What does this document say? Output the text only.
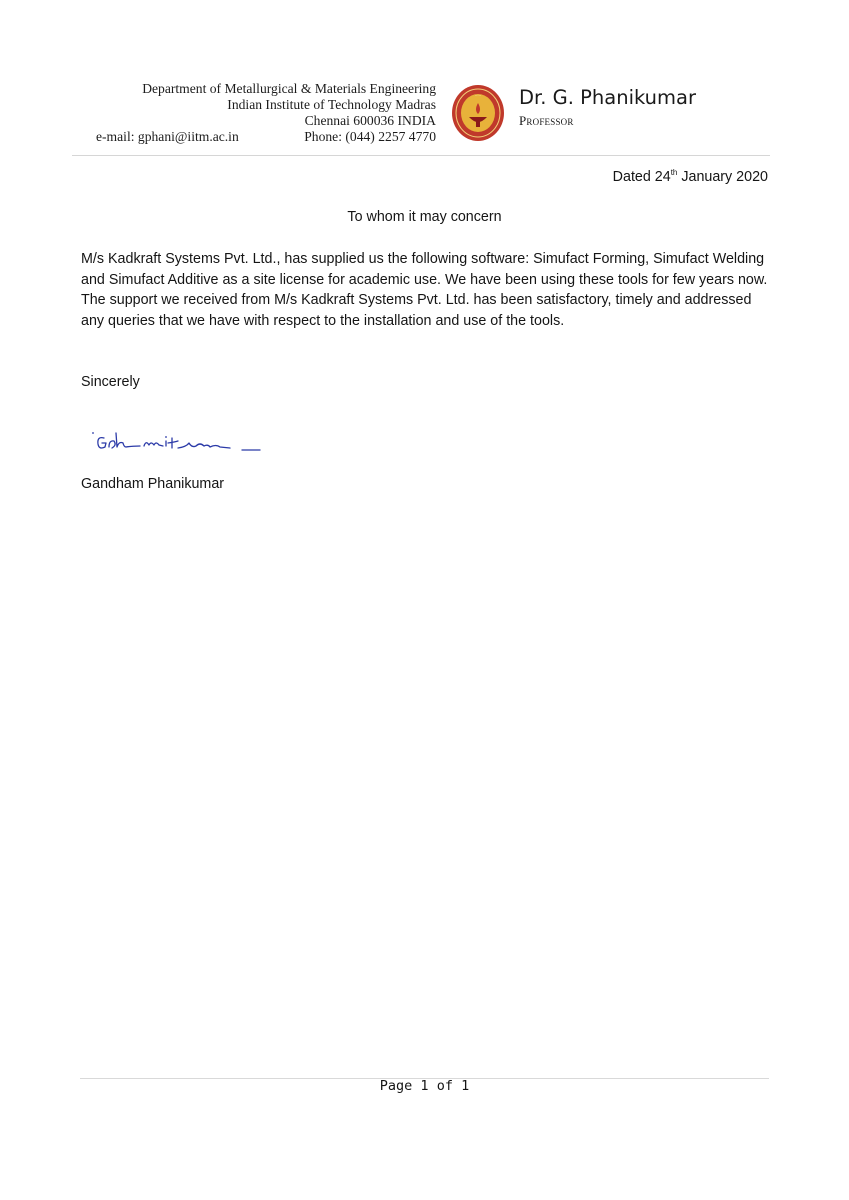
Department of Metallurgical & Materials Engineering
Indian Institute of Technology Madras
Chennai 600036 INDIA
e-mail: gphani@iitm.ac.in	Phone: (044) 2257 4770
····· Dr. G. Phanikumar
Professor
Dated 24th January 2020
To whom it may concern
M/s Kadkraft Systems Pvt. Ltd., has supplied us the following software: Simufact Forming, Simufact Welding
and Simufact Additive as a site license for academic use. We have been using these tools for few years now.
The support we received from M/s Kadkraft Systems Pvt. Ltd. has been satisfactory, timely and addressed
any queries that we have with respect to the installation and use of the tools.
Sincerely
Gandham Phanikumar
Page 1 of 1
